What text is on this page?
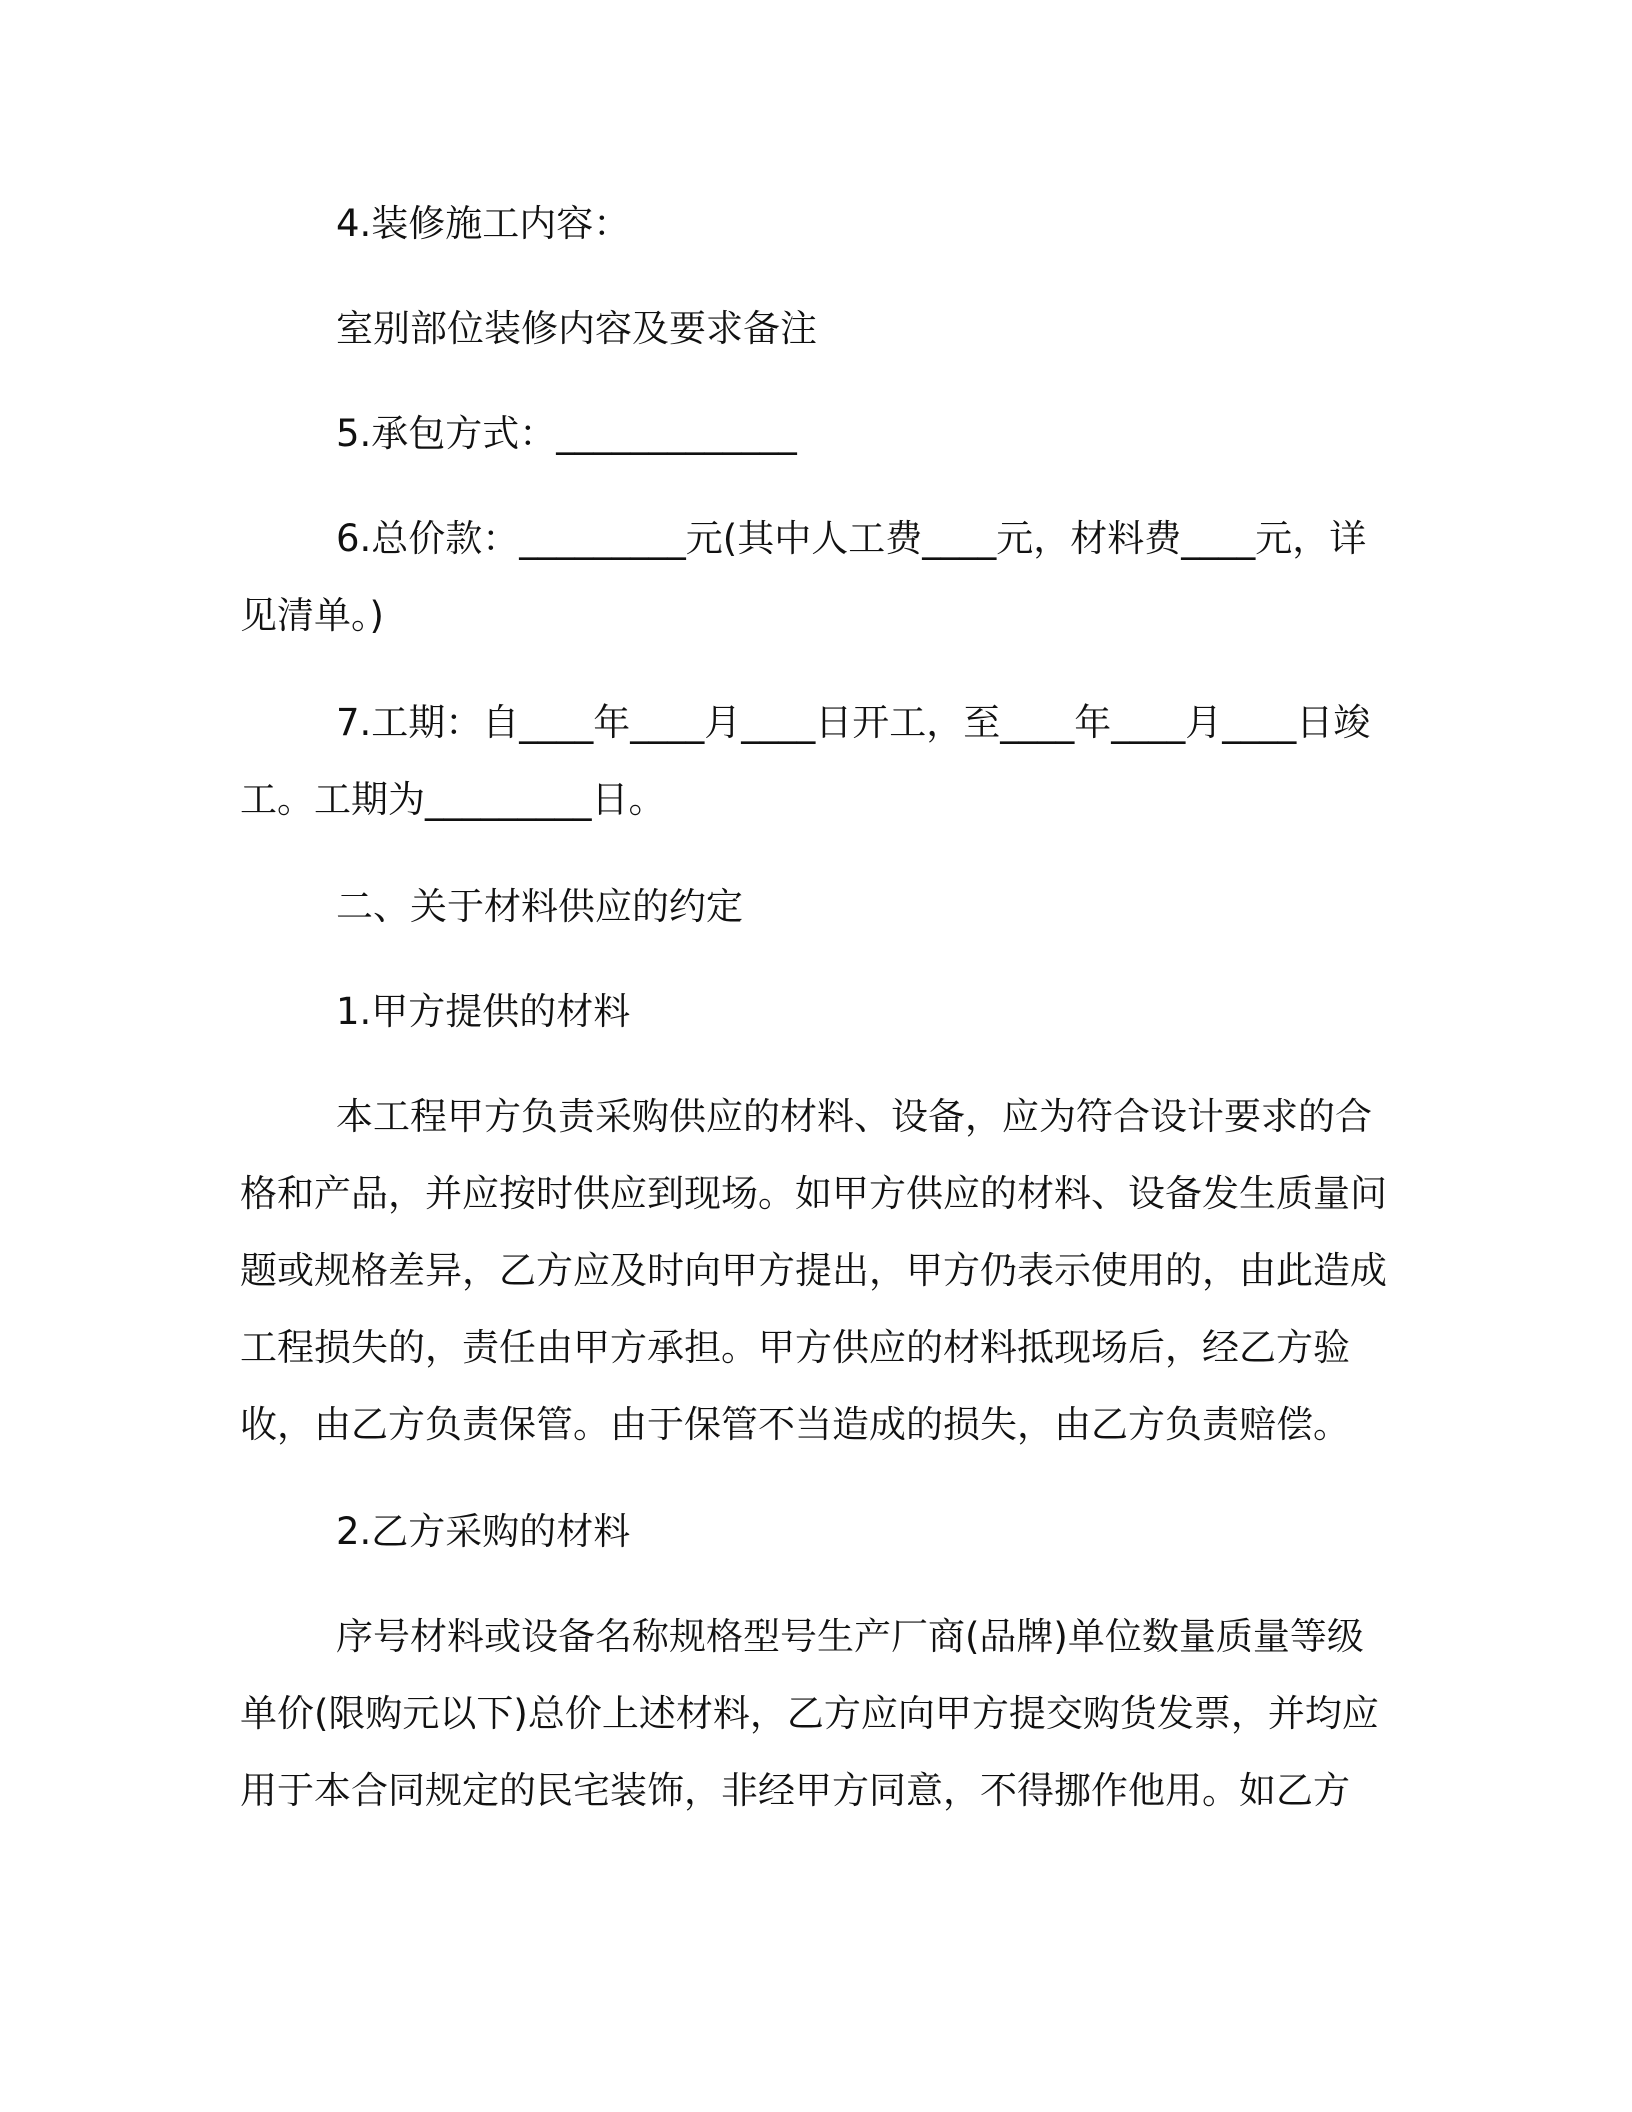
4.装修施工内容：

室别部位装修内容及要求备注

5.承包方式：_____________

6.总价款：_________元(其中人工费____元，材料费____元，详见清单。)

7.工期：自____年____月____日开工，至____年____月____日竣工。工期为_________日。

二、关于材料供应的约定

1.甲方提供的材料

本工程甲方负责采购供应的材料、设备，应为符合设计要求的合格和产品，并应按时供应到现场。如甲方供应的材料、设备发生质量问题或规格差异，乙方应及时向甲方提出，甲方仍表示使用的，由此造成工程损失的，责任由甲方承担。甲方供应的材料抵现场后，经乙方验收，由乙方负责保管。由于保管不当造成的损失，由乙方负责赔偿。

2.乙方采购的材料

序号材料或设备名称规格型号生产厂商(品牌)单位数量质量等级单价(限购元以下)总价上述材料，乙方应向甲方提交购货发票，并均应用于本合同规定的民宅装饰，非经甲方同意，不得挪作他用。如乙方
